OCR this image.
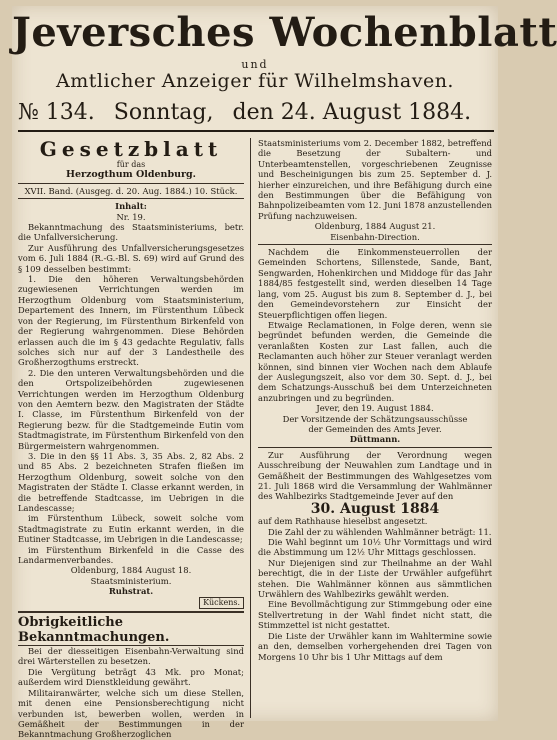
Jeversches Wochenblatt
und
Amtlicher Anzeiger für Wilhelmshaven.
№ 134. Sonntag, den 24. August 1884.
Gesetzblatt
für das
Herzogthum Oldenburg.
XVII. Band. (Ausgeg. d. 20. Aug. 1884.) 10. Stück.
Inhalt:
Nr. 19.

Bekanntmachung des Staatsministeriums, betr. die Unfallversicherung.

Zur Ausführung des Unfallversicherungsgesetzes vom 6. Juli 1884 (R.-G.-Bl. S. 69) wird auf Grund des § 109 desselben bestimmt:

1. Die den höheren Verwaltungsbehörden zugewiesenen Verrichtungen werden im Herzogthum Oldenburg vom Staatsministerium, Departement des Innern, im Fürstenthum Lübeck von der Regierung, im Fürstenthum Birkenfeld von der Regierung wahrgenommen. Diese Behörden erlassen auch die im § 43 gedachte Regulativ, falls solches sich nur auf der 3 Landestheile des Großherzogthums erstreckt.

2. Die den unteren Verwaltungsbehörden und die den Ortspolizeibehörden zugewiesenen Verrichtungen werden im Herzogthum Oldenburg von den Aemtern bezw. den Magistraten der Städte I. Classe, im Fürstenthum Birkenfeld von der Regierung bezw. für die Stadtgemeinde Eutin vom Stadtmagistrate, im Fürstenthum Birkenfeld von den Bürgermeistern wahrgenommen.

3. Die in den §§ 11 Abs. 3, 35 Abs. 2, 82 Abs. 2 und 85 Abs. 2 bezeichneten Strafen fließen im Herzogthum Oldenburg, soweit solche von den Magistraten der Städte I. Classe erkannt werden, in die betreffende Stadtcasse, im Uebrigen in die Landescasse;

im Fürstenthum Lübeck, soweit solche vom Stadtmagistrate zu Eutin erkannt werden, in die Eutiner Stadtcasse, im Uebrigen in die Landescasse;

im Fürstenthum Birkenfeld in die Casse des Landarmenverbandes.

Oldenburg, 1884 August 18.
Staatsministerium.
Ruhstrat.
Kückens.
Obrigkeitliche Bekanntmachungen.

Bei der diesseitigen Eisenbahn-Verwaltung sind drei Wärterstellen zu besetzen.

Die Vergütung beträgt 43 Mk. pro Monat; außerdem wird Dienstkleidung gewährt.

Militairanwärter, welche sich um diese Stellen, mit denen eine Pensionsberechtigung nicht verbunden ist, bewerben wollen, werden in Gemäßheit der Bestimmungen in der Bekanntmachung Großherzoglichen

Staatsministeriums vom 2. December 1882, betreffend die Besetzung der Subaltern- und Unterbeamtenstellen, vorgeschriebenen Zeugnisse und Bescheinigungen bis zum 25. September d. J. hierher einzureichen, und ihre Befähigung durch eine den Bestimmungen über die Befähigung von Bahnpolizeibeamten vom 12. Juni 1878 anzustellenden Prüfung nachzuweisen.

Oldenburg, 1884 August 21.
Eisenbahn-Direction.

Nachdem die Einkommensteuerrollen der Gemeinden Schortens, Sillenstede, Sande, Bant, Sengwarden, Hohenkirchen und Middoge für das Jahr 1884/85 festgestellt sind, werden dieselben 14 Tage lang, vom 25. August bis zum 8. September d. J., bei den Gemeindevorstehern zur Einsicht der Steuerpflichtigen offen liegen.

Etwaige Reclamationen, in Folge deren, wenn sie begründet befunden werden, die Gemeinde die veranlaßten Kosten zur Last fallen, auch die Reclamanten auch höher zur Steuer veranlagt werden können, sind binnen vier Wochen nach dem Ablaufe der Auslegungszeit, also vor dem 30. Sept. d. J., bei dem Schatzungs-Ausschuß bei dem Unterzeichneten anzubringen und zu begründen.

Jever, den 19. August 1884.
Der Vorsitzende der Schätzungsausschüsse
der Gemeinden des Amts Jever.
Düttmann.

Zur Ausführung der Verordnung wegen Ausschreibung der Neuwahlen zum Landtage und in Gemäßheit der Bestimmungen des Wahlgesetzes vom 21. Juli 1868 wird die Versammlung der Wahlmänner des Wahlbezirks Stadtgemeinde Jever auf den

30. August 1884

auf dem Rathhause hieselbst angesetzt.

Die Zahl der zu wählenden Wahlmänner beträgt: 11.

Die Wahl beginnt um 10½ Uhr Vormittags und wird die Abstimmung um 12½ Uhr Mittags geschlossen.

Nur Diejenigen sind zur Theilnahme an der Wahl berechtigt, die in der Liste der Urwähler aufgeführt stehen. Die Wahlmänner können aus sämmtlichen Urwählern des Wahlbezirks gewählt werden.

Eine Bevollmächtigung zur Stimmgebung oder eine Stellvertretung in der Wahl findet nicht statt, die Stimmzettel ist nicht gestattet.

Die Liste der Urwähler kann im Wahltermine sowie an den, demselben vorhergehenden drei Tagen von Morgens 10 Uhr bis 1 Uhr Mittags auf dem
